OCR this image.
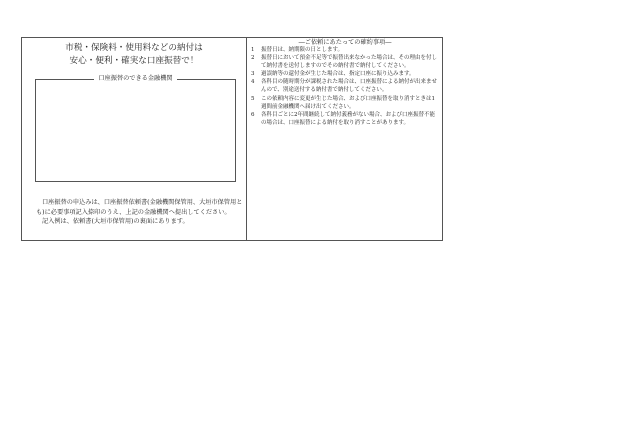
市税・保険料・使用料などの納付は
安心・便利・確実な口座振替で！
口座振替のできる金融機関

口座振替の申込みは、口座振替依頼書(金融機関保管用、大垣市保管用とも)に必要事項記入捺印のうえ、上記の金融機関へ提出してください。

記入例は、依頼書(大垣市保管用)の裏面にあります。

―ご依頼にあたっての確約事項―
1	振替日は、納期限の日とします。
2	振替日において預金不足等で振替出来なかった場合は、その理由を付して納付書を送付しますのでその納付書で納付してください。
3	過誤納等の還付金が生じた場合は、指定口座に振り込みます。
4	各科目の随時期分が課税された場合は、口座振替による納付が出来ませんので、別途送付する納付書で納付してください。
5	この依頼内容に変更が生じた場合、および口座振替を取り消すときは1週間前金融機関へ届け出てください。
6	各科目ごとに2年間継続して納付義務がない場合、および口座振替不能の場合は、口座振替による納付を取り消すことがあります。
